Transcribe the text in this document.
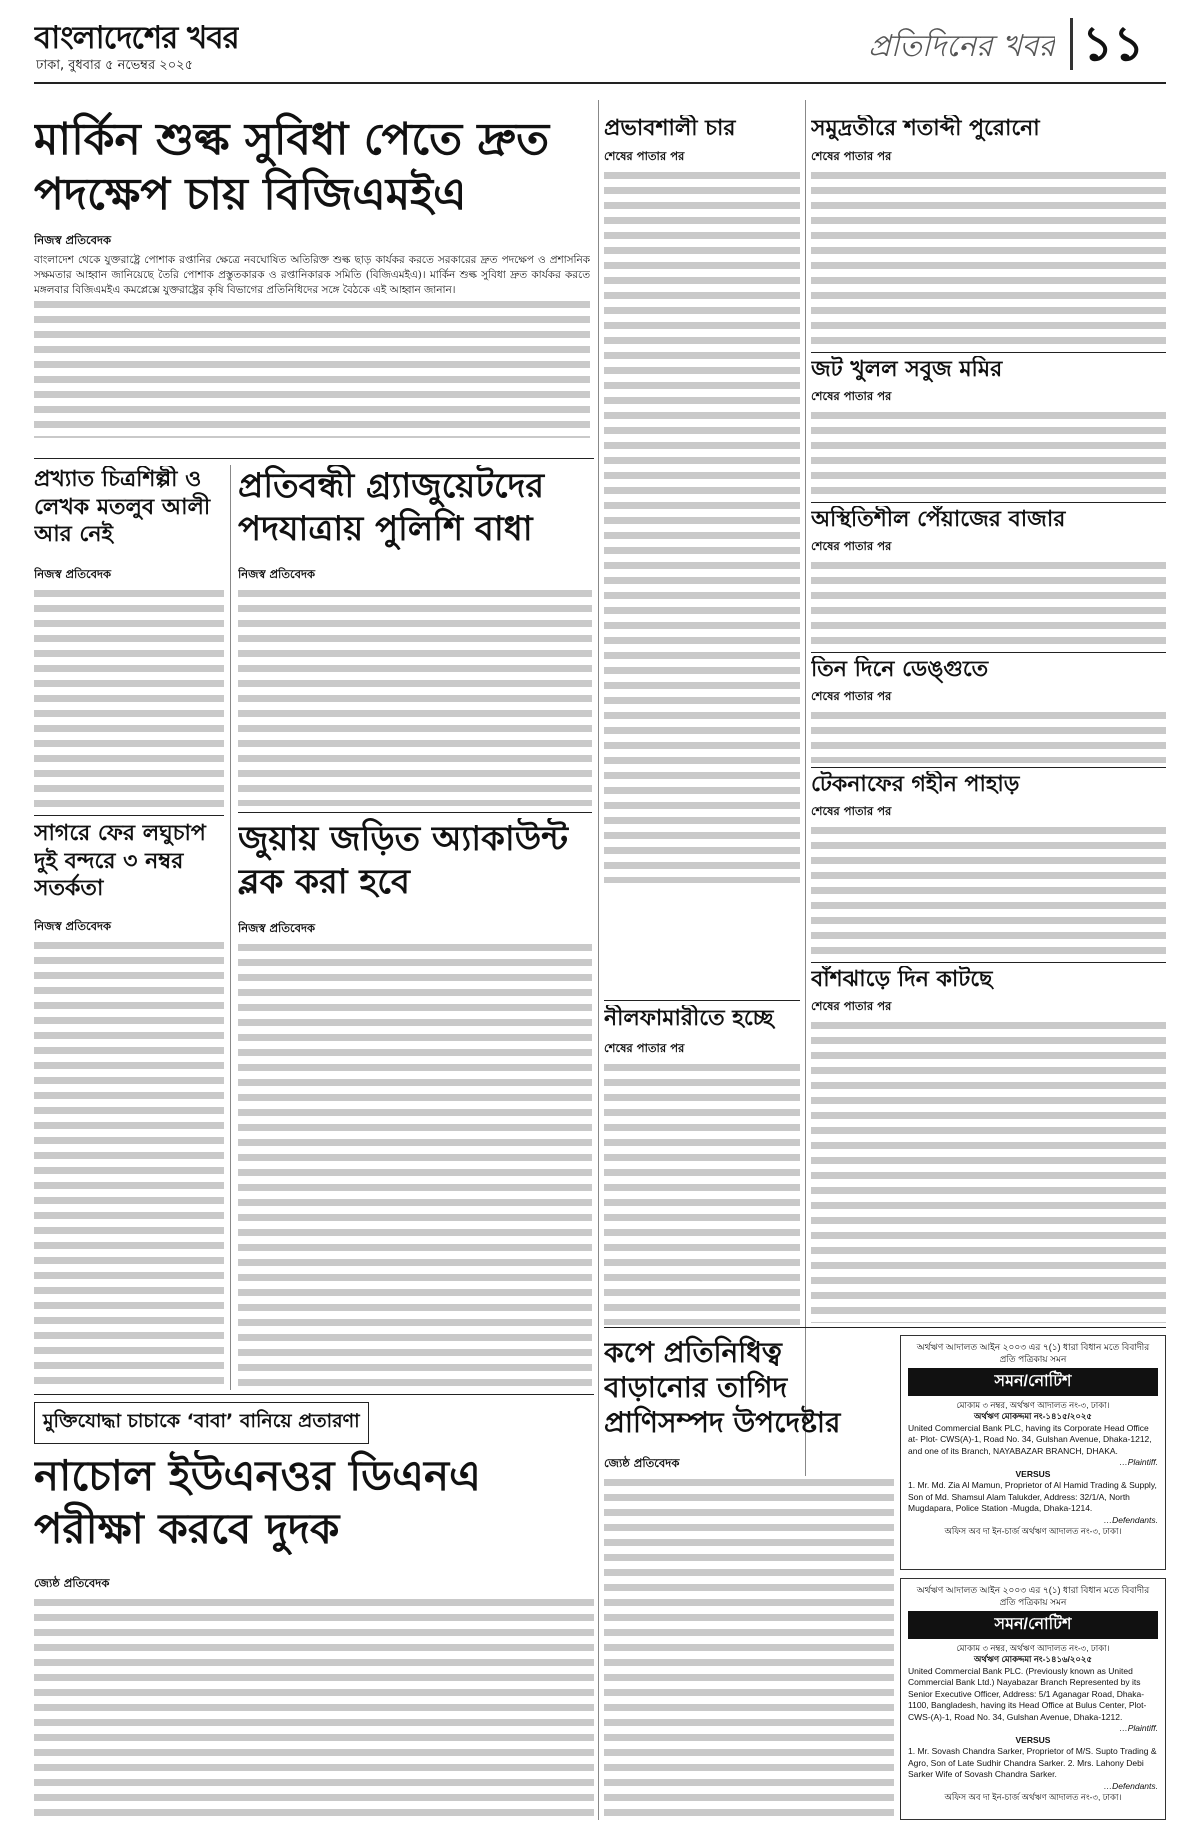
বাংলাদেশের খবর
ঢাকা, বুধবার ৫ নভেম্বর ২০২৫
প্রতিদিনের খবর ১১
মার্কিন শুল্ক সুবিধা পেতে দ্রুত পদক্ষেপ চায় বিজিএমইএ
নিজস্ব প্রতিবেদক
বাংলাদেশ থেকে যুক্তরাষ্ট্রে পোশাক রপ্তানির ক্ষেত্রে নবঘোষিত অতিরিক্ত শুল্ক ছাড় কার্যকর করতে সরকারের দ্রুত পদক্ষেপ ও প্রশাসনিক সক্ষমতার আহ্বান জানিয়েছে তৈরি পোশাক প্রস্তুতকারক ও রপ্তানিকারক সমিতি (বিজিএমইএ)। মার্কিন শুল্ক সুবিধা দ্রুত কার্যকর করতে মঙ্গলবার বিজিএমইএ কমপ্লেক্সে যুক্তরাষ্ট্রের কৃষি বিভাগের প্রতিনিধিদের সঙ্গে বৈঠকে এই আহ্বান জানান।
প্রখ্যাত চিত্রশিল্পী ও লেখক মতলুব আলী আর নেই
নিজস্ব প্রতিবেদক
সাগরে ফের লঘুচাপ দুই বন্দরে ৩ নম্বর সতর্কতা
নিজস্ব প্রতিবেদক
প্রতিবন্ধী গ্র্যাজুয়েটদের পদযাত্রায় পুলিশি বাধা
নিজস্ব প্রতিবেদক
জুয়ায় জড়িত অ্যাকাউন্ট ব্লক করা হবে
নিজস্ব প্রতিবেদক
মুক্তিযোদ্ধা চাচাকে ‘বাবা’ বানিয়ে প্রতারণা
নাচোল ইউএনওর ডিএনএ পরীক্ষা করবে দুদক
জ্যেষ্ঠ প্রতিবেদক
প্রভাবশালী চার
শেষের পাতার পর
নীলফামারীতে হচ্ছে
শেষের পাতার পর
সমুদ্রতীরে শতাব্দী পুরোনো
শেষের পাতার পর
জট খুলল সবুজ মমির
শেষের পাতার পর
অস্থিতিশীল পেঁয়াজের বাজার
শেষের পাতার পর
তিন দিনে ডেঙ্গুতে
শেষের পাতার পর
টেকনাফের গহীন পাহাড়
শেষের পাতার পর
বাঁশঝাড়ে দিন কাটছে
শেষের পাতার পর
কপে প্রতিনিধিত্ব বাড়ানোর তাগিদ প্রাণিসম্পদ উপদেষ্টার
জ্যেষ্ঠ প্রতিবেদক
অর্থঋণ আদালত আইন ২০০৩ এর ৭(১) ধারা বিধান মতে বিবাদীর প্রতি পত্রিকায় সমন
সমন/নোটিশ
মোকাম ৩ নম্বর, অর্থঋণ আদালত নং-৩, ঢাকা।
অর্থঋণ মোকদ্দমা নং-১৪১৫/২০২৫
United Commercial Bank PLC, having its Corporate Head Office at- Plot- CWS(A)-1, Road No. 34, Gulshan Avenue, Dhaka-1212, and one of its Branch, NAYABAZAR BRANCH, DHAKA.
…Plaintiff.
VERSUS
1. Mr. Md. Zia Al Mamun, Proprietor of Al Hamid Trading & Supply, Son of Md. Shamsul Alam Talukder, Address: 32/1/A, North Mugdapara, Police Station -Mugda, Dhaka-1214.
…Defendants.
অফিস অব দা ইন-চার্জ অর্থঋণ আদালত নং-৩, ঢাকা।
অর্থঋণ আদালত আইন ২০০৩ এর ৭(১) ধারা বিধান মতে বিবাদীর প্রতি পত্রিকায় সমন
সমন/নোটিশ
মোকাম ৩ নম্বর, অর্থঋণ আদালত নং-৩, ঢাকা।
অর্থঋণ মোকদ্দমা নং-১৪১৬/২০২৫
United Commercial Bank PLC. (Previously known as United Commercial Bank Ltd.) Nayabazar Branch Represented by its Senior Executive Officer, Address: 5/1 Aganagar Road, Dhaka-1100, Bangladesh, having its Head Office at Bulus Center, Plot- CWS-(A)-1, Road No. 34, Gulshan Avenue, Dhaka-1212.
…Plaintiff.
VERSUS
1. Mr. Sovash Chandra Sarker, Proprietor of M/S. Supto Trading & Agro, Son of Late Sudhir Chandra Sarker. 2. Mrs. Lahony Debi Sarker Wife of Sovash Chandra Sarker.
…Defendants.
অফিস অব দা ইন-চার্জ অর্থঋণ আদালত নং-৩, ঢাকা।
